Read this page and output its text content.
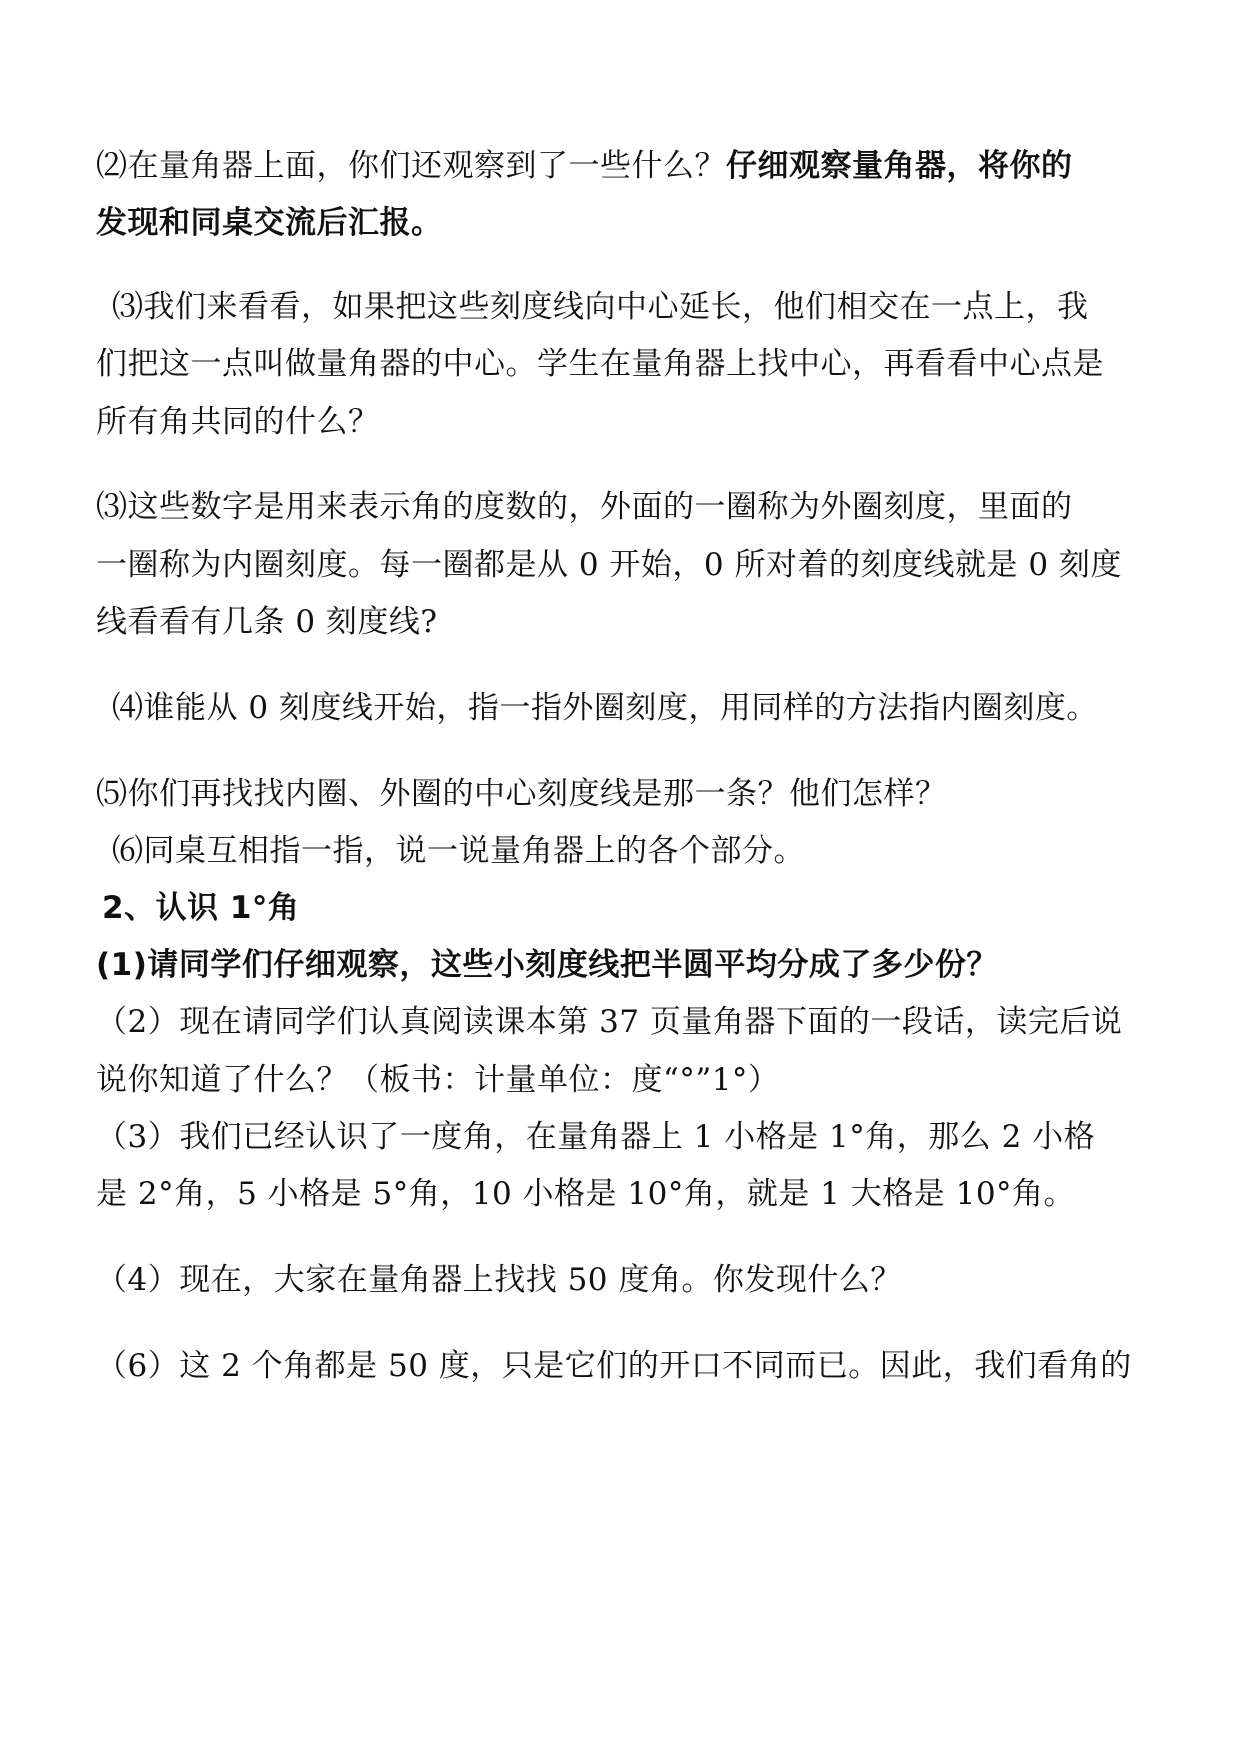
⑵在量角器上面，你们还观察到了一些什么？仔细观察量角器，将你的
发现和同桌交流后汇报。
⑶我们来看看，如果把这些刻度线向中心延长，他们相交在一点上，我
们把这一点叫做量角器的中心。学生在量角器上找中心，再看看中心点是
所有角共同的什么？
⑶这些数字是用来表示角的度数的，外面的一圈称为外圈刻度，里面的
一圈称为内圈刻度。每一圈都是从 0 开始，0 所对着的刻度线就是 0 刻度
线看看有几条 0 刻度线?
⑷谁能从 0 刻度线开始，指一指外圈刻度，用同样的方法指内圈刻度。
⑸你们再找找内圈、外圈的中心刻度线是那一条？他们怎样？
⑹同桌互相指一指，说一说量角器上的各个部分。
2、认识 1°角
(1)请同学们仔细观察，这些小刻度线把半圆平均分成了多少份？
（2）现在请同学们认真阅读课本第 37 页量角器下面的一段话，读完后说
说你知道了什么？（板书：计量单位：度“°”1°）
（3）我们已经认识了一度角，在量角器上 1 小格是 1°角，那么 2 小格
是 2°角，5 小格是 5°角，10 小格是 10°角，就是 1 大格是 10°角。
（4）现在，大家在量角器上找找 50 度角。你发现什么？
（6）这 2 个角都是 50 度，只是它们的开口不同而已。因此，我们看角的
